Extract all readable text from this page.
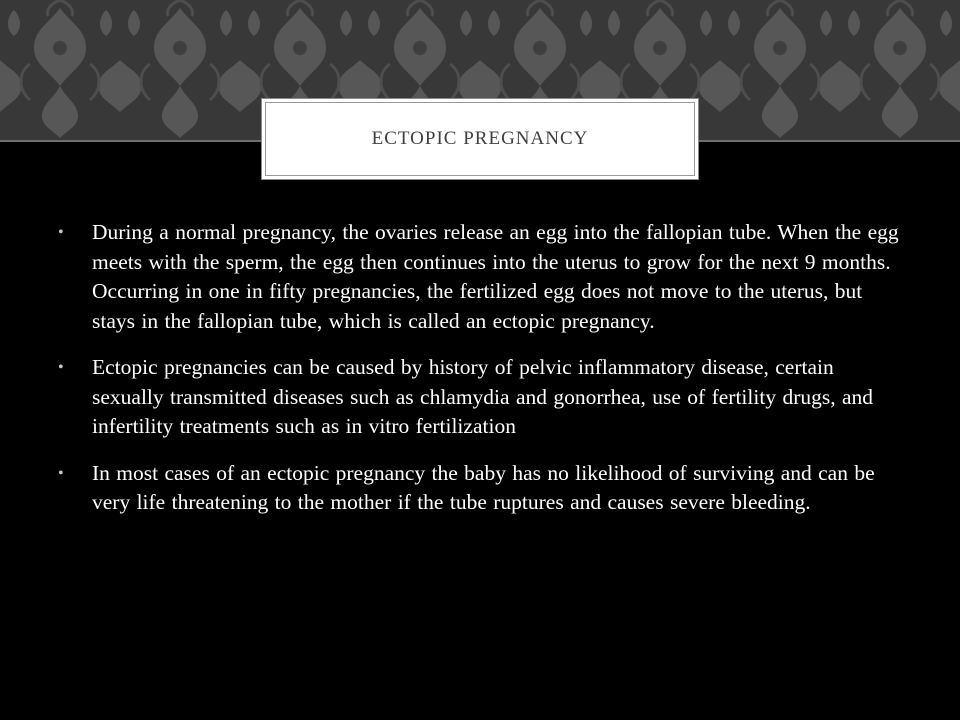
ECTOPIC PREGNANCY
• During a normal pregnancy, the ovaries release an egg into the fallopian tube. When the egg meets with the sperm, the egg then continues into the uterus to grow for the next 9 months. Occurring in one in fifty pregnancies, the fertilized egg does not move to the uterus, but stays in the fallopian tube, which is called an ectopic pregnancy.
• Ectopic pregnancies can be caused by history of pelvic inflammatory disease, certain sexually transmitted diseases such as chlamydia and gonorrhea, use of fertility drugs, and infertility treatments such as in vitro fertilization
• In most cases of an ectopic pregnancy the baby has no likelihood of surviving and can be very life threatening to the mother if the tube ruptures and causes severe bleeding.
